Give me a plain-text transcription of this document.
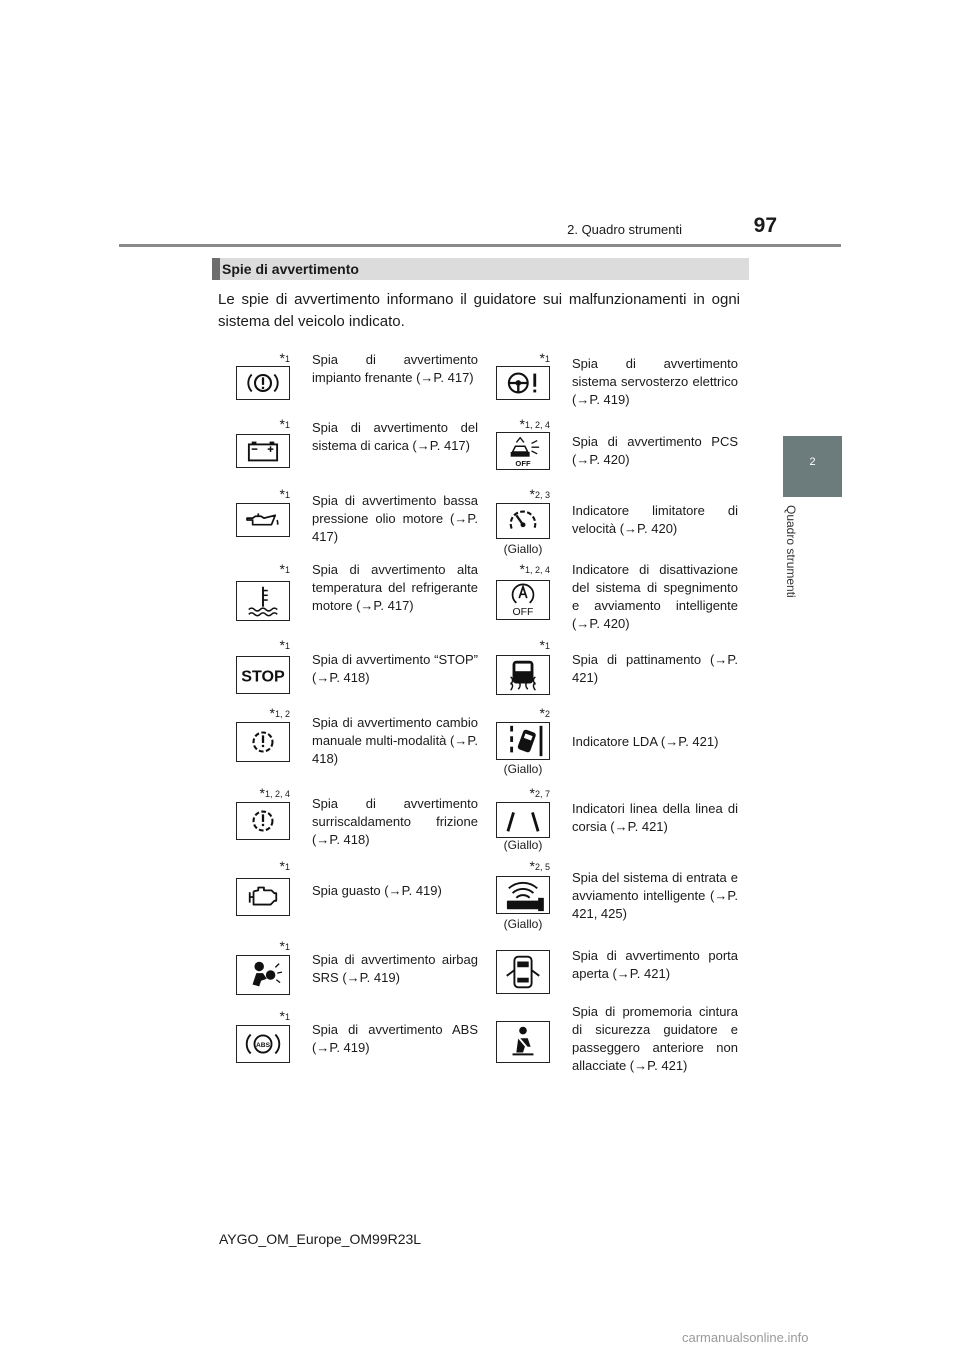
2. Quadro strumenti	97
2
Quadro strumenti
Spie di avvertimento
Le spie di avvertimento informano il guidatore sui malfunzionamenti in ogni sistema del veicolo indicato.
$*_1$ Spia di avvertimento impianto frenante (→P. 417)
$*_1$ Spia di avvertimento del sistema di carica (→P. 417)
$*_1$ Spia di avvertimento bassa pressione olio motore (→P. 417)
$*_1$ Spia di avvertimento alta temperatura del refrigerante motore (→P. 417)
$*_1$
STOP
Spia di avvertimento “STOP” (→P. 418)
$*_{1, 2}$
Spia di avvertimento cambio manuale multi-modalità (→P. 418)
$*_{1, 2, 4}$
Spia di avvertimento surriscaldamento frizione (→P. 418)
$*_1$
Spia guasto (→P. 419)
$*_1$
Spia di avvertimento airbag SRS (→P. 419)
$*_1$
ABS
Spia di avvertimento ABS (→P. 419)
$*_1$ Spia di avvertimento sistema servosterzo elettrico (→P. 419)
$*_{1, 2, 4}$
OFF
Spia di avvertimento PCS (→P. 420)
$*_{2, 3}$
(Giallo)
Indicatore limitatore di velocità (→P. 420)
$*_{1, 2, 4}$
OFF
Indicatore di disattivazione del sistema di spegnimento e avviamento intelligente (→P. 420)
$*_1$
Spia di pattinamento (→P. 421)
$*_2$
(Giallo)
Indicatore LDA (→P. 421)
$*_{2, 7}$
(Giallo)
Indicatori linea della linea di corsia (→P. 421)
$*_{2, 5}$
(Giallo)
Spia del sistema di entrata e avviamento intelligente (→P. 421, 425)
Spia di avvertimento porta aperta (→P. 421)
Spia di promemoria cintura di sicurezza guidatore e passeggero anteriore non allacciate (→P. 421)
AYGO_OM_Europe_OM99R23L
carmanualsonline.info
